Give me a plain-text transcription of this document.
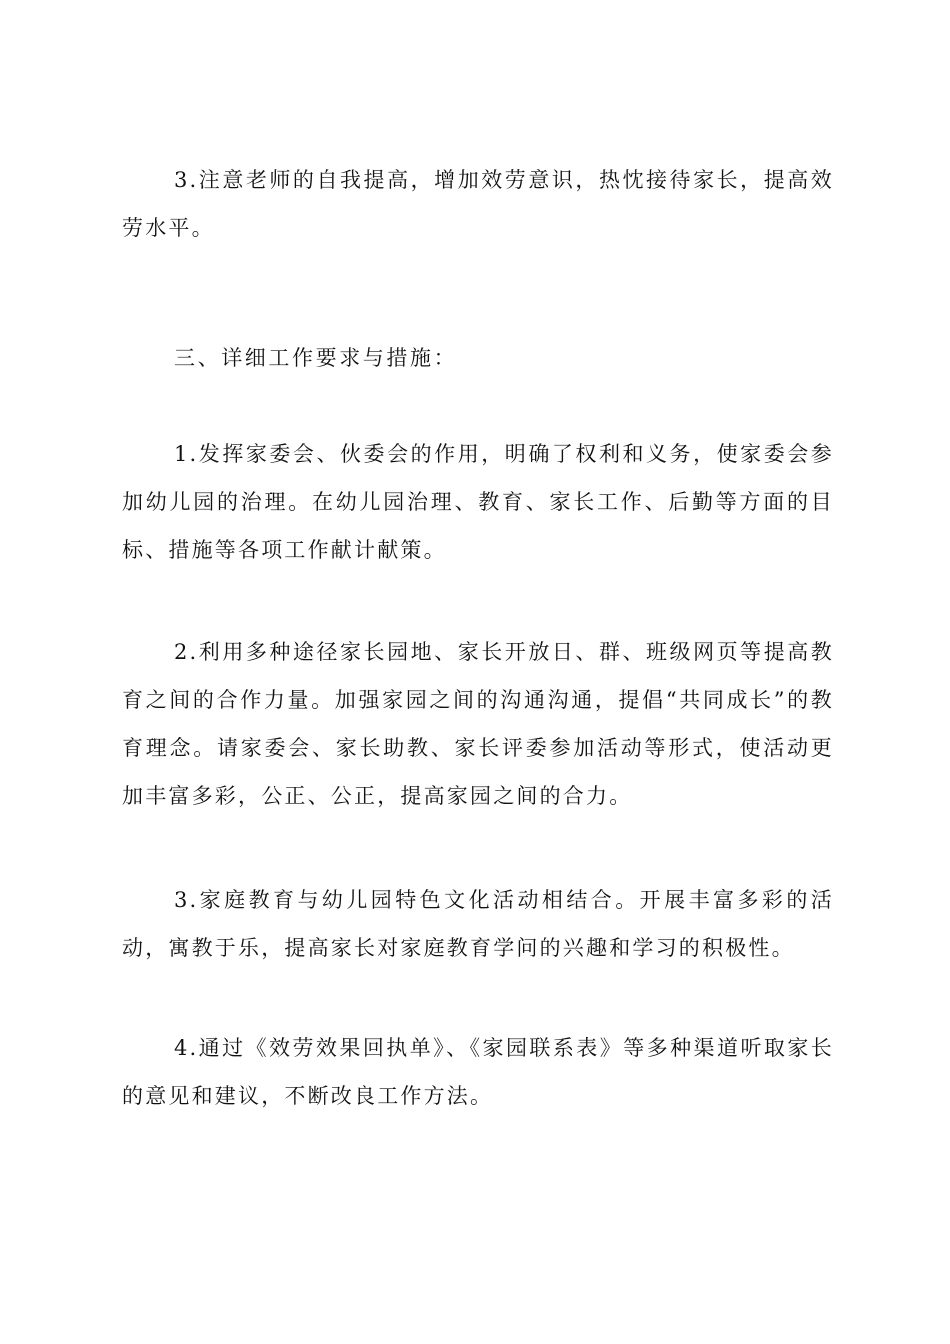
3.注意老师的自我提高，增加效劳意识，热忱接待家长，提高效劳水平。

三、详细工作要求与措施：

1.发挥家委会、伙委会的作用，明确了权利和义务，使家委会参加幼儿园的治理。在幼儿园治理、教育、家长工作、后勤等方面的目标、措施等各项工作献计献策。

2.利用多种途径家长园地、家长开放日、群、班级网页等提高教育之间的合作力量。加强家园之间的沟通沟通，提倡“共同成长”的教育理念。请家委会、家长助教、家长评委参加活动等形式，使活动更加丰富多彩，公正、公正，提高家园之间的合力。

3.家庭教育与幼儿园特色文化活动相结合。开展丰富多彩的活动，寓教于乐，提高家长对家庭教育学问的兴趣和学习的积极性。

4.通过《效劳效果回执单》、《家园联系表》等多种渠道听取家长的意见和建议，不断改良工作方法。
